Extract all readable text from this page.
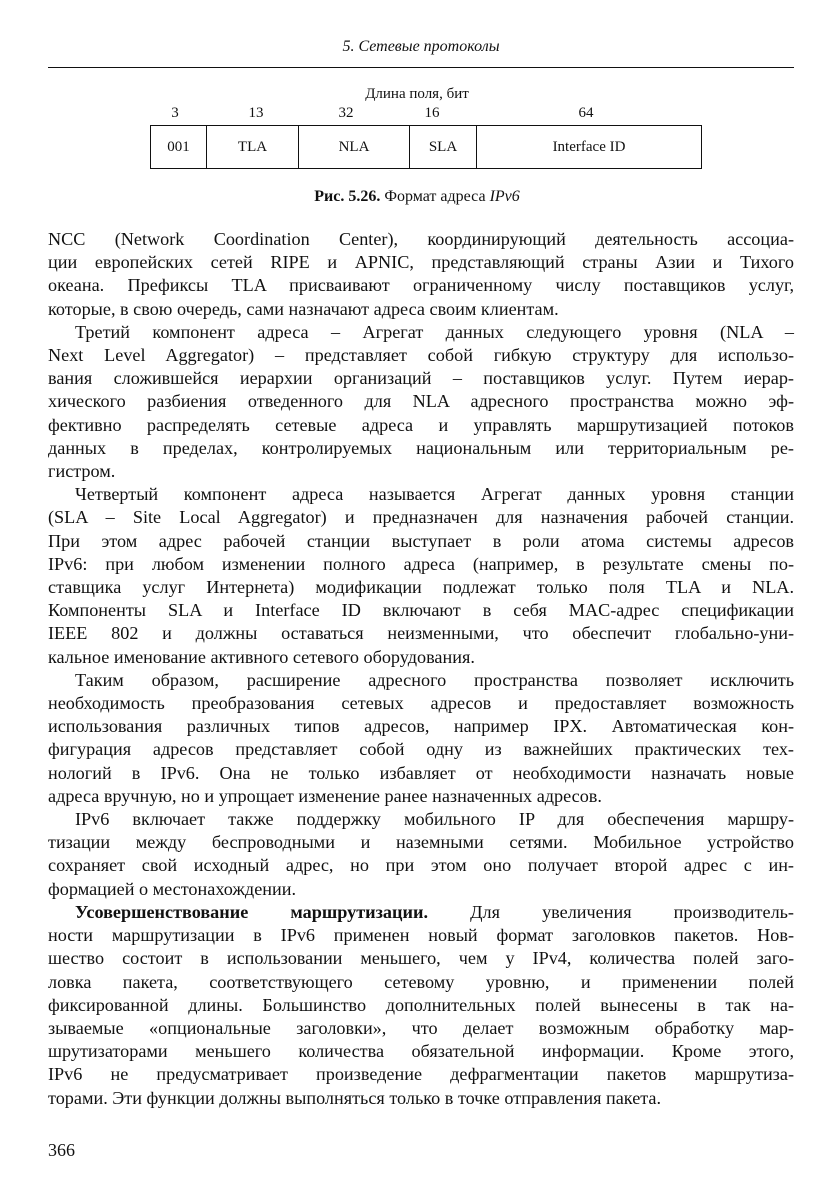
5. Сетевые протоколы
Длина поля, бит
3	13	32	16	64
001	TLA	NLA	SLA	Interface ID
Рис. 5.26. Формат адреса IPv6
NCC (Network Coordination Center), координирующий деятельность ассоциа-
ции европейских сетей RIPE и APNIC, представляющий страны Азии и Тихого
океана. Префиксы TLA присваивают ограниченному числу поставщиков услуг,
которые, в свою очередь, сами назначают адреса своим клиентам.
Третий компонент адреса – Агрегат данных следующего уровня (NLA –
Next Level Aggregator) – представляет собой гибкую структуру для использо-
вания сложившейся иерархии организаций – поставщиков услуг. Путем иерар-
хического разбиения отведенного для NLA адресного пространства можно эф-
фективно распределять сетевые адреса и управлять маршрутизацией потоков
данных в пределах, контролируемых национальным или территориальным ре-
гистром.
Четвертый компонент адреса называется Агрегат данных уровня станции
(SLA – Site Local Aggregator) и предназначен для назначения рабочей станции.
При этом адрес рабочей станции выступает в роли атома системы адресов
IPv6: при любом изменении полного адреса (например, в результате смены по-
ставщика услуг Интернета) модификации подлежат только поля TLA и NLA.
Компоненты SLA и Interface ID включают в себя MAC-адрес спецификации
IEEE 802 и должны оставаться неизменными, что обеспечит глобально-уни-
кальное именование активного сетевого оборудования.
Таким образом, расширение адресного пространства позволяет исключить
необходимость преобразования сетевых адресов и предоставляет возможность
использования различных типов адресов, например IPX. Автоматическая кон-
фигурация адресов представляет собой одну из важнейших практических тех-
нологий в IPv6. Она не только избавляет от необходимости назначать новые
адреса вручную, но и упрощает изменение ранее назначенных адресов.
IPv6 включает также поддержку мобильного IP для обеспечения маршру-
тизации между беспроводными и наземными сетями. Мобильное устройство
сохраняет свой исходный адрес, но при этом оно получает второй адрес с ин-
формацией о местонахождении.
Усовершенствование маршрутизации. Для увеличения производитель-
ности маршрутизации в IPv6 применен новый формат заголовков пакетов. Нов-
шество состоит в использовании меньшего, чем у IPv4, количества полей заго-
ловка пакета, соответствующего сетевому уровню, и применении полей
фиксированной длины. Большинство дополнительных полей вынесены в так на-
зываемые «опциональные заголовки», что делает возможным обработку мар-
шрутизаторами меньшего количества обязательной информации. Кроме этого,
IPv6 не предусматривает произведение дефрагментации пакетов маршрутиза-
торами. Эти функции должны выполняться только в точке отправления пакета.
366
